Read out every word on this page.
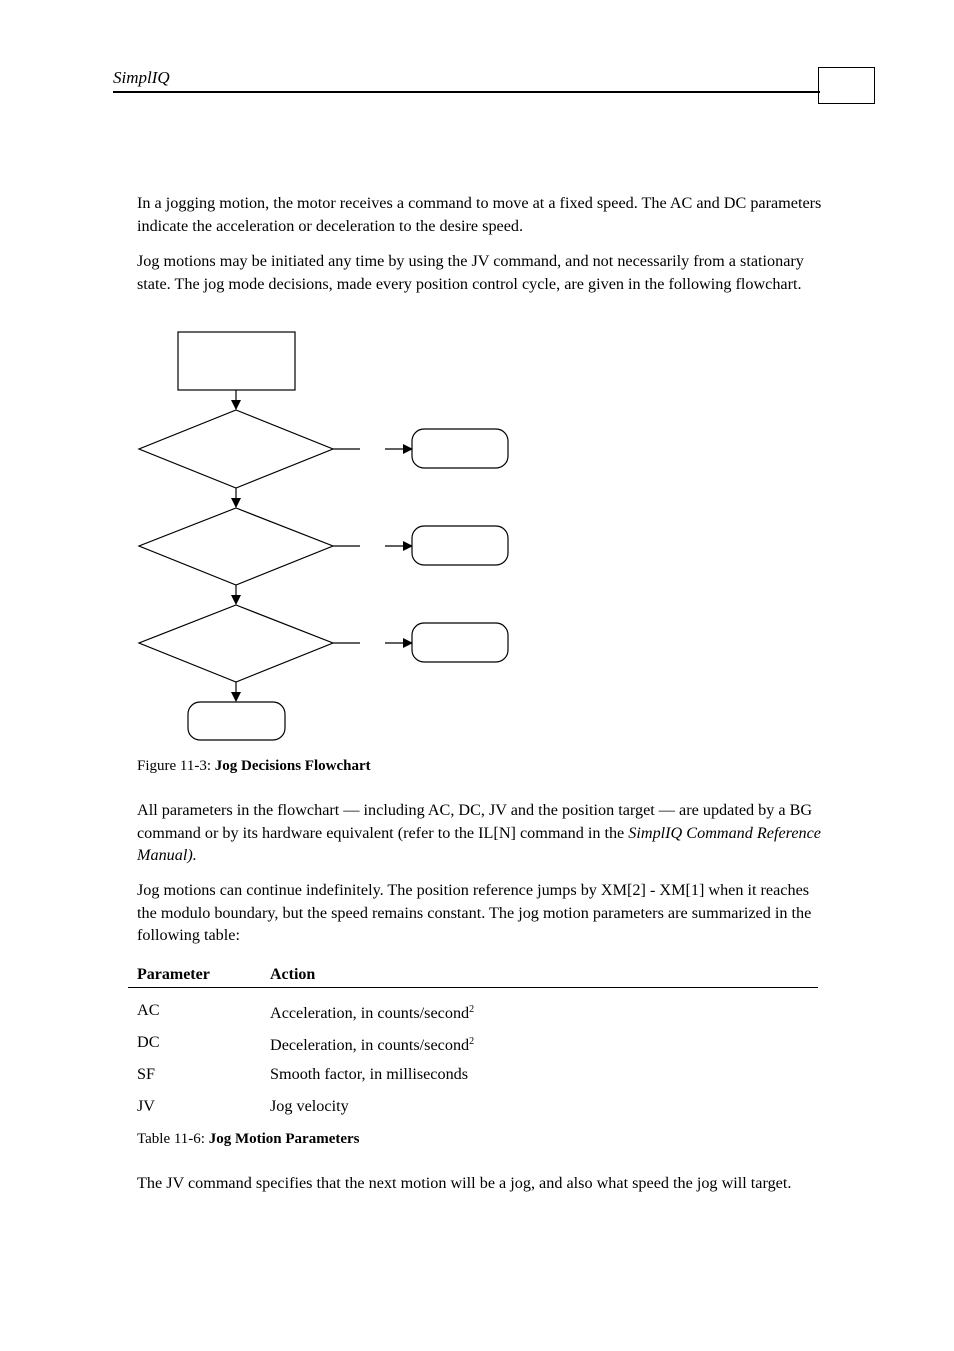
SimplIQ

In a jogging motion, the motor receives a command to move at a fixed speed. The AC and DC parameters indicate the acceleration or deceleration to the desire speed.

Jog motions may be initiated any time by using the JV command, and not necessarily from a stationary state. The jog mode decisions, made every position control cycle, are given in the following flowchart.

Figure 11-3: Jog Decisions Flowchart

All parameters in the flowchart — including AC, DC, JV and the position target — are updated by a BG command or by its hardware equivalent (refer to the IL[N] command in the SimplIQ Command Reference Manual).

Jog motions can continue indefinitely. The position reference jumps by XM[2] - XM[1] when it reaches the modulo boundary, but the speed remains constant. The jog motion parameters are summarized in the following table:

Parameter	Action
AC	Acceleration, in counts/second$^2$
DC	Deceleration, in counts/second$^2$
SF	Smooth factor, in milliseconds
JV	Jog velocity
Table 11-6: Jog Motion Parameters

The JV command specifies that the next motion will be a jog, and also what speed the jog will target.
